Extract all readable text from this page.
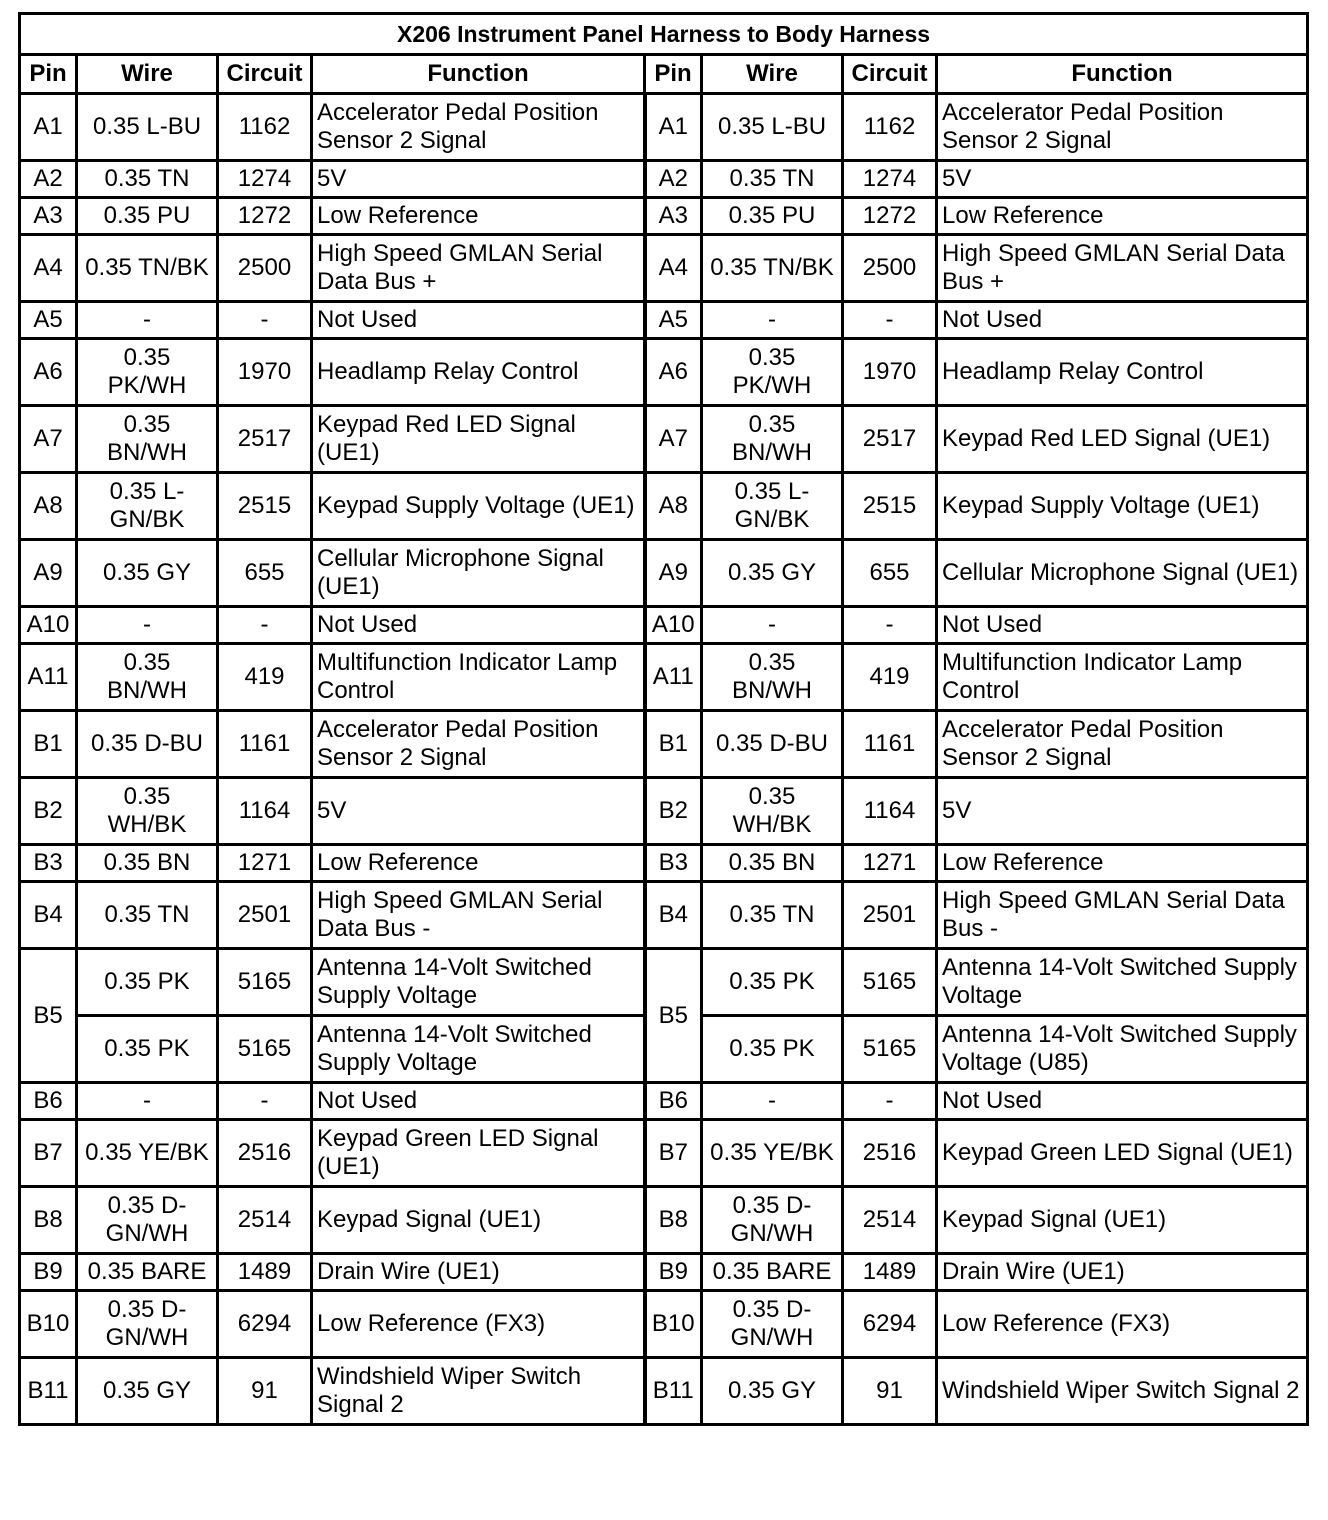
X206 Instrument Panel Harness to Body Harness							
Pin	Wire	Circuit	Function	Pin	Wire	Circuit	Function
A1	0.35 L-BU	1162	Accelerator Pedal Position Sensor 2 Signal	A1	0.35 L-BU	1162	Accelerator Pedal Position Sensor 2 Signal
A2	0.35 TN	1274	5V	A2	0.35 TN	1274	5V
A3	0.35 PU	1272	Low Reference	A3	0.35 PU	1272	Low Reference
A4	0.35 TN/BK	2500	High Speed GMLAN Serial Data Bus +	A4	0.35 TN/BK	2500	High Speed GMLAN Serial Data Bus +
A5	-	-	Not Used	A5	-	-	Not Used
A6	0.35 PK/WH	1970	Headlamp Relay Control	A6	0.35 PK/WH	1970	Headlamp Relay Control
A7	0.35 BN/WH	2517	Keypad Red LED Signal (UE1)	A7	0.35 BN/WH	2517	Keypad Red LED Signal (UE1)
A8	0.35 L-GN/BK	2515	Keypad Supply Voltage (UE1)	A8	0.35 L-GN/BK	2515	Keypad Supply Voltage (UE1)
A9	0.35 GY	655	Cellular Microphone Signal (UE1)	A9	0.35 GY	655	Cellular Microphone Signal (UE1)
A10	-	-	Not Used	A10	-	-	Not Used
A11	0.35 BN/WH	419	Multifunction Indicator Lamp Control	A11	0.35 BN/WH	419	Multifunction Indicator Lamp Control
B1	0.35 D-BU	1161	Accelerator Pedal Position Sensor 2 Signal	B1	0.35 D-BU	1161	Accelerator Pedal Position Sensor 2 Signal
B2	0.35 WH/BK	1164	5V	B2	0.35 WH/BK	1164	5V
B3	0.35 BN	1271	Low Reference	B3	0.35 BN	1271	Low Reference
B4	0.35 TN	2501	High Speed GMLAN Serial Data Bus -	B4	0.35 TN	2501	High Speed GMLAN Serial Data Bus -
B5	0.35 PK	5165	Antenna 14-Volt Switched Supply Voltage	B5	0.35 PK	5165	Antenna 14-Volt Switched Supply Voltage
	0.35 PK	5165	Antenna 14-Volt Switched Supply Voltage		0.35 PK	5165	Antenna 14-Volt Switched Supply Voltage (U85)
B6	-	-	Not Used	B6	-	-	Not Used
B7	0.35 YE/BK	2516	Keypad Green LED Signal (UE1)	B7	0.35 YE/BK	2516	Keypad Green LED Signal (UE1)
B8	0.35 D-GN/WH	2514	Keypad Signal (UE1)	B8	0.35 D-GN/WH	2514	Keypad Signal (UE1)
B9	0.35 BARE	1489	Drain Wire (UE1)	B9	0.35 BARE	1489	Drain Wire (UE1)
B10	0.35 D-GN/WH	6294	Low Reference (FX3)	B10	0.35 D-GN/WH	6294	Low Reference (FX3)
B11	0.35 GY	91	Windshield Wiper Switch Signal 2	B11	0.35 GY	91	Windshield Wiper Switch Signal 2
